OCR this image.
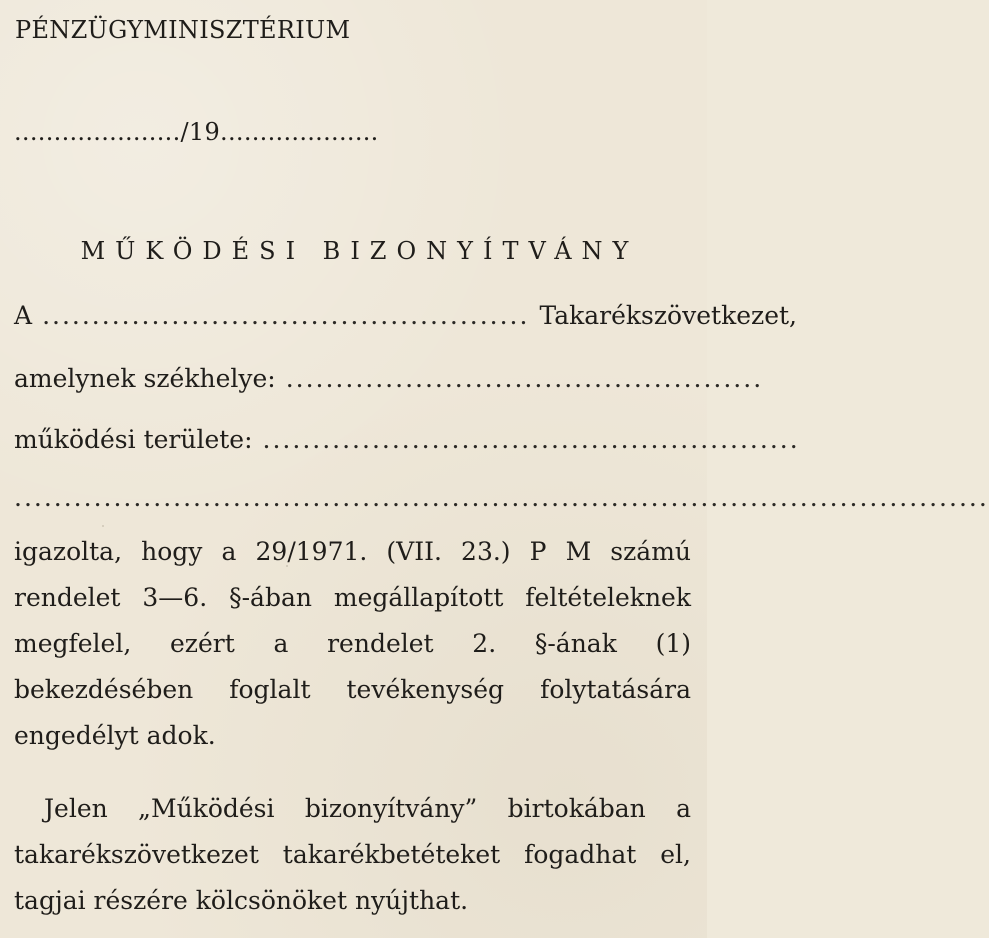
PÉNZÜGYMINISZTÉRIUM
...................../19....................
MŰKÖDÉSI BIZONYÍTVÁNY
A ................................................. Takarékszövetkezet,
amelynek székhelye: ................................................
működési területe: ......................................................
..................................................................................................
igazolta, hogy a 29/1971. (VII. 23.) P M számú rendelet 3—6. §-ában megállapított feltételeknek megfelel, ezért a rendelet 2. §-ának (1) bekezdésében foglalt tevékenység folytatására engedélyt adok.
Jelen „Működési bizonyítvány” birtokában a takarékszövetkezet takarékbetéteket fogadhat el, tagjai részére kölcsönöket nyújthat.
